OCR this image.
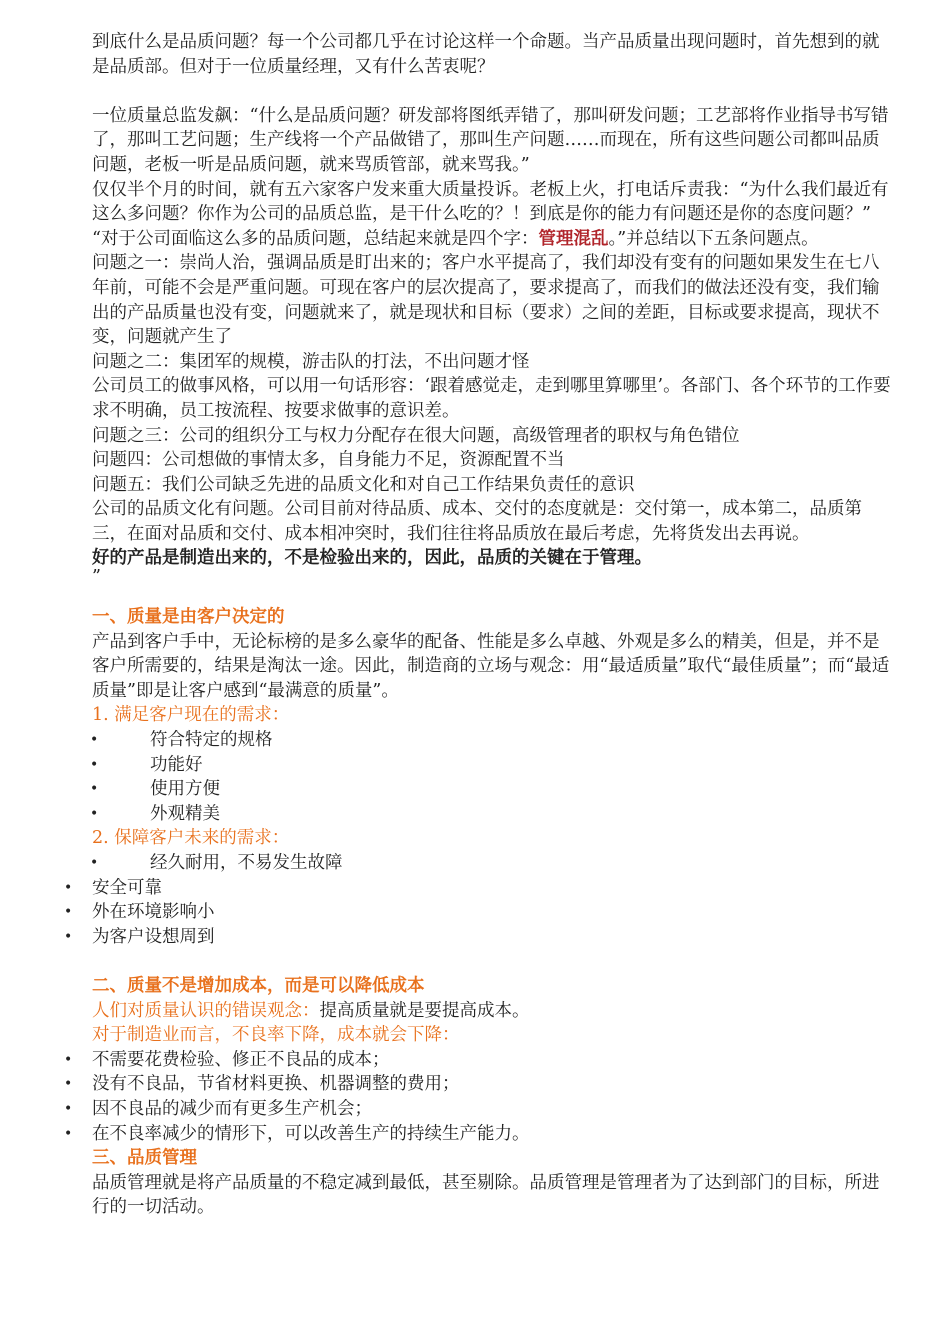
到底什么是品质问题？每一个公司都几乎在讨论这样一个命题。当产品质量出现问题时，首先想到的就是品质部。但对于一位质量经理，又有什么苦衷呢？

一位质量总监发飙：“什么是品质问题？研发部将图纸弄错了，那叫研发问题；工艺部将作业指导书写错了，那叫工艺问题；生产线将一个产品做错了，那叫生产问题……而现在，所有这些问题公司都叫品质问题，老板一听是品质问题，就来骂质管部，就来骂我。”

仅仅半个月的时间，就有五六家客户发来重大质量投诉。老板上火，打电话斥责我：“为什么我们最近有这么多问题？你作为公司的品质总监，是干什么吃的？！到底是你的能力有问题还是你的态度问题？”

“对于公司面临这么多的品质问题，总结起来就是四个字：管理混乱。”并总结以下五条问题点。

问题之一：崇尚人治，强调品质是盯出来的；客户水平提高了，我们却没有变有的问题如果发生在七八年前，可能不会是严重问题。可现在客户的层次提高了，要求提高了，而我们的做法还没有变，我们输出的产品质量也没有变，问题就来了，就是现状和目标（要求）之间的差距，目标或要求提高，现状不变，问题就产生了

问题之二：集团军的规模，游击队的打法，不出问题才怪

公司员工的做事风格，可以用一句话形容：‘跟着感觉走，走到哪里算哪里’。各部门、各个环节的工作要求不明确，员工按流程、按要求做事的意识差。

问题之三：公司的组织分工与权力分配存在很大问题，高级管理者的职权与角色错位

问题四：公司想做的事情太多，自身能力不足，资源配置不当

问题五：我们公司缺乏先进的品质文化和对自己工作结果负责任的意识

公司的品质文化有问题。公司目前对待品质、成本、交付的态度就是：交付第一，成本第二，品质第三，在面对品质和交付、成本相冲突时，我们往往将品质放在最后考虑，先将货发出去再说。

好的产品是制造出来的，不是检验出来的，因此，品质的关键在于管理。

”

一、质量是由客户决定的

产品到客户手中，无论标榜的是多么豪华的配备、性能是多么卓越、外观是多么的精美，但是，并不是客户所需要的，结果是淘汰一途。因此，制造商的立场与观念：用“最适质量”取代“最佳质量”；而“最适质量”即是让客户感到“最满意的质量”。

1. 满足客户现在的需求：

•	符合特定的规格
•	功能好
•	使用方便
•	外观精美

2. 保障客户未来的需求：

•	经久耐用，不易发生故障
• 安全可靠
• 外在环境影响小
• 为客户设想周到

二、质量不是增加成本，而是可以降低成本

人们对质量认识的错误观念：提高质量就是要提高成本。

对于制造业而言，不良率下降，成本就会下降：

• 不需要花费检验、修正不良品的成本；
• 没有不良品，节省材料更换、机器调整的费用；
• 因不良品的减少而有更多生产机会；
• 在不良率减少的情形下，可以改善生产的持续生产能力。

三、品质管理

品质管理就是将产品质量的不稳定减到最低，甚至剔除。品质管理是管理者为了达到部门的目标，所进行的一切活动。
